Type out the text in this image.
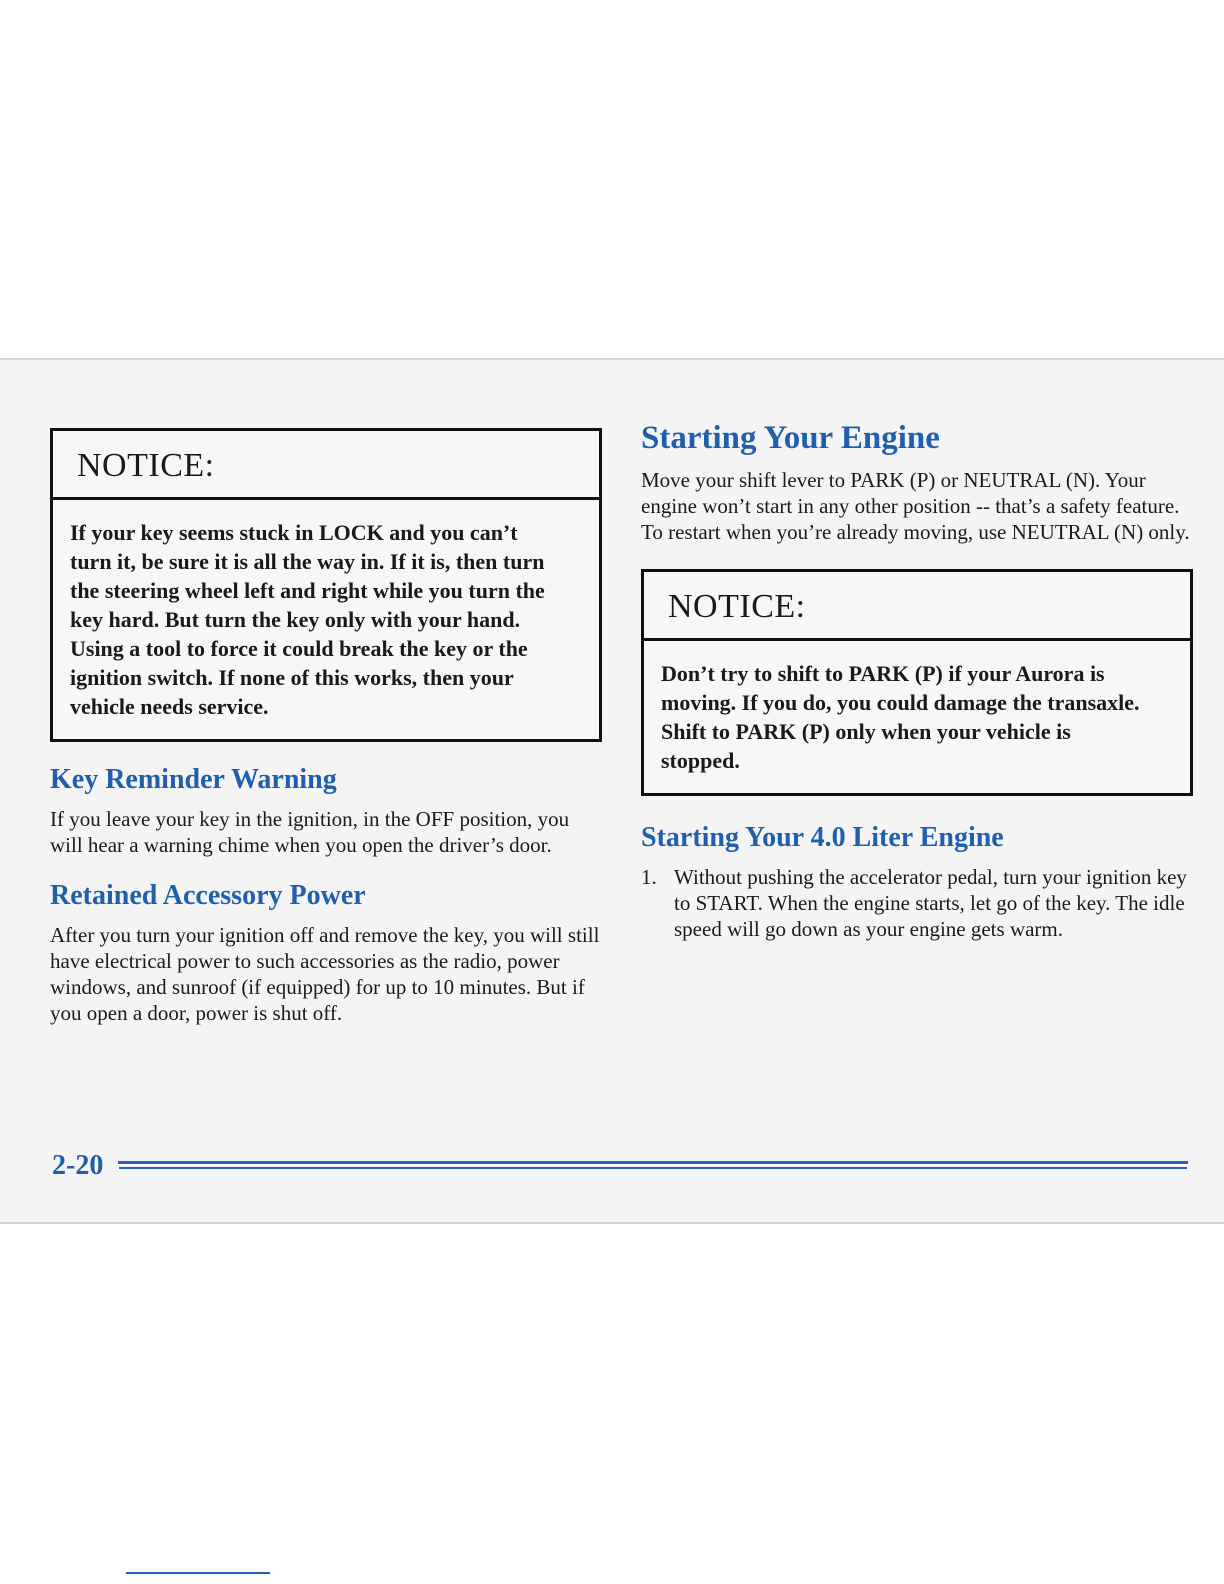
NOTICE:
If your key seems stuck in LOCK and you can’t turn it, be sure it is all the way in. If it is, then turn the steering wheel left and right while you turn the key hard. But turn the key only with your hand. Using a tool to force it could break the key or the ignition switch. If none of this works, then your vehicle needs service.
Key Reminder Warning

If you leave your key in the ignition, in the OFF position, you will hear a warning chime when you open the driver’s door.

Retained Accessory Power

After you turn your ignition off and remove the key, you will still have electrical power to such accessories as the radio, power windows, and sunroof (if equipped) for up to 10 minutes. But if you open a door, power is shut off.

Starting Your Engine

Move your shift lever to PARK (P) or NEUTRAL (N). Your engine won’t start in any other position -- that’s a safety feature. To restart when you’re already moving, use NEUTRAL (N) only.

NOTICE:
Don’t try to shift to PARK (P) if your Aurora is moving. If you do, you could damage the transaxle. Shift to PARK (P) only when your vehicle is stopped.
Starting Your 4.0 Liter Engine
1. Without pushing the accelerator pedal, turn your ignition key to START. When the engine starts, let go of the key. The idle speed will go down as your engine gets warm.
2-20
